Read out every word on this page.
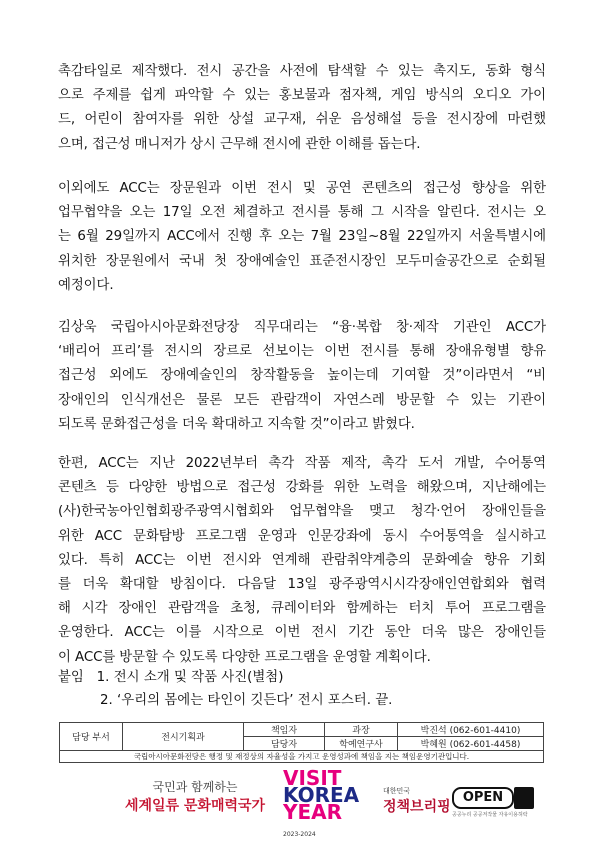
촉감타일로 제작했다. 전시 공간을 사전에 탐색할 수 있는 촉지도, 동화 형식
으로 주제를 쉽게 파악할 수 있는 홍보물과 점자책, 게임 방식의 오디오 가이
드, 어린이 참여자를 위한 상설 교구재, 쉬운 음성해설 등을 전시장에 마련했
으며, 접근성 매니저가 상시 근무해 전시에 관한 이해를 돕는다.
이외에도 ACC는 장문원과 이번 전시 및 공연 콘텐츠의 접근성 향상을 위한
업무협약을 오는 17일 오전 체결하고 전시를 통해 그 시작을 알린다. 전시는 오
는 6월 29일까지 ACC에서 진행 후 오는 7월 23일~8월 22일까지 서울특별시에
위치한 장문원에서 국내 첫 장애예술인 표준전시장인 모두미술공간으로 순회될
예정이다.
김상욱 국립아시아문화전당장 직무대리는 “융·복합 창·제작 기관인 ACC가
‘배리어 프리’를 전시의 장르로 선보이는 이번 전시를 통해 장애유형별 향유
접근성 외에도 장애예술인의 창작활동을 높이는데 기여할 것”이라면서 “비
장애인의 인식개선은 물론 모든 관람객이 자연스레 방문할 수 있는 기관이
되도록 문화접근성을 더욱 확대하고 지속할 것”이라고 밝혔다.
한편, ACC는 지난 2022년부터 촉각 작품 제작, 촉각 도서 개발, 수어통역
콘텐츠 등 다양한 방법으로 접근성 강화를 위한 노력을 해왔으며, 지난해에는
(사)한국농아인협회광주광역시협회와 업무협약을 맺고 청각·언어 장애인들을
위한 ACC 문화탐방 프로그램 운영과 인문강좌에 동시 수어통역을 실시하고
있다. 특히 ACC는 이번 전시와 연계해 관람취약계층의 문화예술 향유 기회
를 더욱 확대할 방침이다. 다음달 13일 광주광역시시각장애인연합회와 협력
해 시각 장애인 관람객을 초청, 큐레이터와 함께하는 터치 투어 프로그램을
운영한다. ACC는 이를 시작으로 이번 전시 기간 동안 더욱 많은 장애인들
이 ACC를 방문할 수 있도록 다양한 프로그램을 운영할 계획이다.
붙임 1. 전시 소개 및 작품 사진(별첨)
2. ‘우리의 몸에는 타인이 깃든다’ 전시 포스터. 끝.
담당 부서	전시기획과	책임자	과장	박진석 (062-601-4410)
		담당자	학예연구사	박혜원 (062-601-4458)
국립아시아문화전당은 행정 및 재정상의 자율성을 가지고 운영성과에 책임을 지는 책임운영기관입니다.				
국민과 함께하는
세계일류 문화매력국가
VISIT
KOREA
YEAR 2023-2024
대한민국
정책브리핑
OPEN
공공누리 공공저작물 자유이용허락
